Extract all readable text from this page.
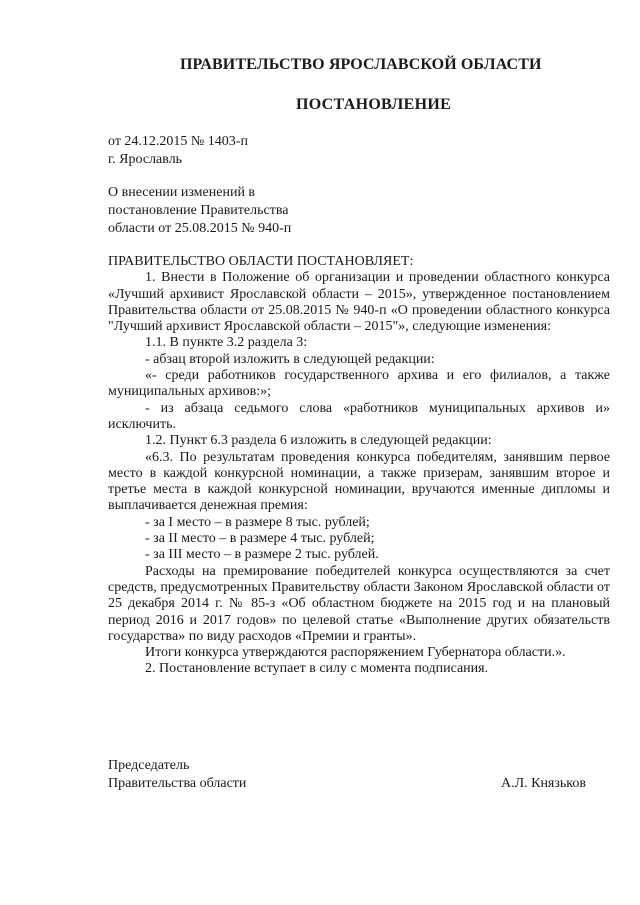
ПРАВИТЕЛЬСТВО ЯРОСЛАВСКОЙ ОБЛАСТИ
ПОСТАНОВЛЕНИЕ
от 24.12.2015 № 1403-п
г. Ярославль
О внесении изменений в
постановление Правительства
области от 25.08.2015 № 940-п

ПРАВИТЕЛЬСТВО ОБЛАСТИ ПОСТАНОВЛЯЕТ:

1. Внести в Положение об организации и проведении областного конкурса «Лучший архивист Ярославской области – 2015», утвержденное постановлением Правительства области от 25.08.2015 № 940-п «О проведении областного конкурса "Лучший архивист Ярославской области – 2015"», следующие изменения:

1.1. В пункте 3.2 раздела 3:

- абзац второй изложить в следующей редакции:

«- среди работников государственного архива и его филиалов, а также муниципальных архивов:»;

- из абзаца седьмого слова «работников муниципальных архивов и» исключить.

1.2. Пункт 6.3 раздела 6 изложить в следующей редакции:

«6.3. По результатам проведения конкурса победителям, занявшим первое место в каждой конкурсной номинации, а также призерам, занявшим второе и третье места в каждой конкурсной номинации, вручаются именные дипломы и выплачивается денежная премия:

- за I место – в размере 8 тыс. рублей;

- за II место – в размере 4 тыс. рублей;

- за III место – в размере 2 тыс. рублей.

Расходы на премирование победителей конкурса осуществляются за счет средств, предусмотренных Правительству области Законом Ярославской области от 25 декабря 2014 г. № 85-з «Об областном бюджете на 2015 год и на плановый период 2016 и 2017 годов» по целевой статье «Выполнение других обязательств государства» по виду расходов «Премии и гранты».

Итоги конкурса утверждаются распоряжением Губернатора области.».

2. Постановление вступает в силу с момента подписания.

Председатель
Правительства области	А.Л. Князьков
